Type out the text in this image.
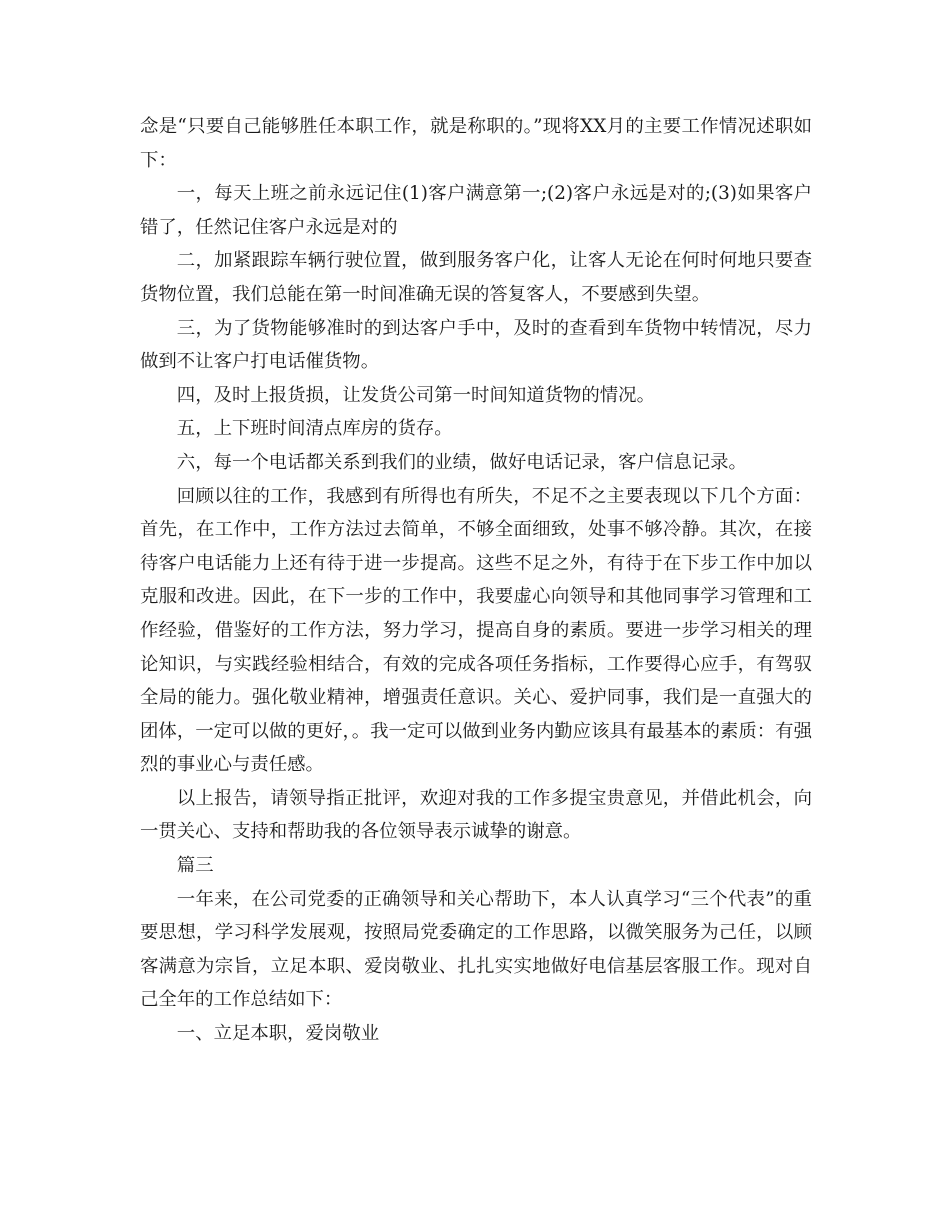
念是“只要自己能够胜任本职工作，就是称职的。”现将XX月的主要工作情况述职如下：

一，每天上班之前永远记住(1)客户满意第一;(2)客户永远是对的;(3)如果客户错了，任然记住客户永远是对的

二，加紧跟踪车辆行驶位置，做到服务客户化，让客人无论在何时何地只要查货物位置，我们总能在第一时间准确无误的答复客人，不要感到失望。

三，为了货物能够准时的到达客户手中，及时的查看到车货物中转情况，尽力做到不让客户打电话催货物。

四，及时上报货损，让发货公司第一时间知道货物的情况。

五，上下班时间清点库房的货存。

六，每一个电话都关系到我们的业绩，做好电话记录，客户信息记录。

回顾以往的工作，我感到有所得也有所失，不足不之主要表现以下几个方面：首先，在工作中，工作方法过去简单，不够全面细致，处事不够冷静。其次，在接待客户电话能力上还有待于进一步提高。这些不足之外，有待于在下步工作中加以克服和改进。因此，在下一步的工作中，我要虚心向领导和其他同事学习管理和工作经验，借鉴好的工作方法，努力学习，提高自身的素质。要进一步学习相关的理论知识，与实践经验相结合，有效的完成各项任务指标，工作要得心应手，有驾驭全局的能力。强化敬业精神，增强责任意识。关心、爱护同事，我们是一直强大的团体，一定可以做的更好，。我一定可以做到业务内勤应该具有最基本的素质：有强烈的事业心与责任感。

以上报告，请领导指正批评，欢迎对我的工作多提宝贵意见，并借此机会，向一贯关心、支持和帮助我的各位领导表示诚挚的谢意。

篇三

一年来，在公司党委的正确领导和关心帮助下，本人认真学习“三个代表”的重要思想，学习科学发展观，按照局党委确定的工作思路，以微笑服务为己任，以顾客满意为宗旨，立足本职、爱岗敬业、扎扎实实地做好电信基层客服工作。现对自己全年的工作总结如下：

一、立足本职，爱岗敬业
